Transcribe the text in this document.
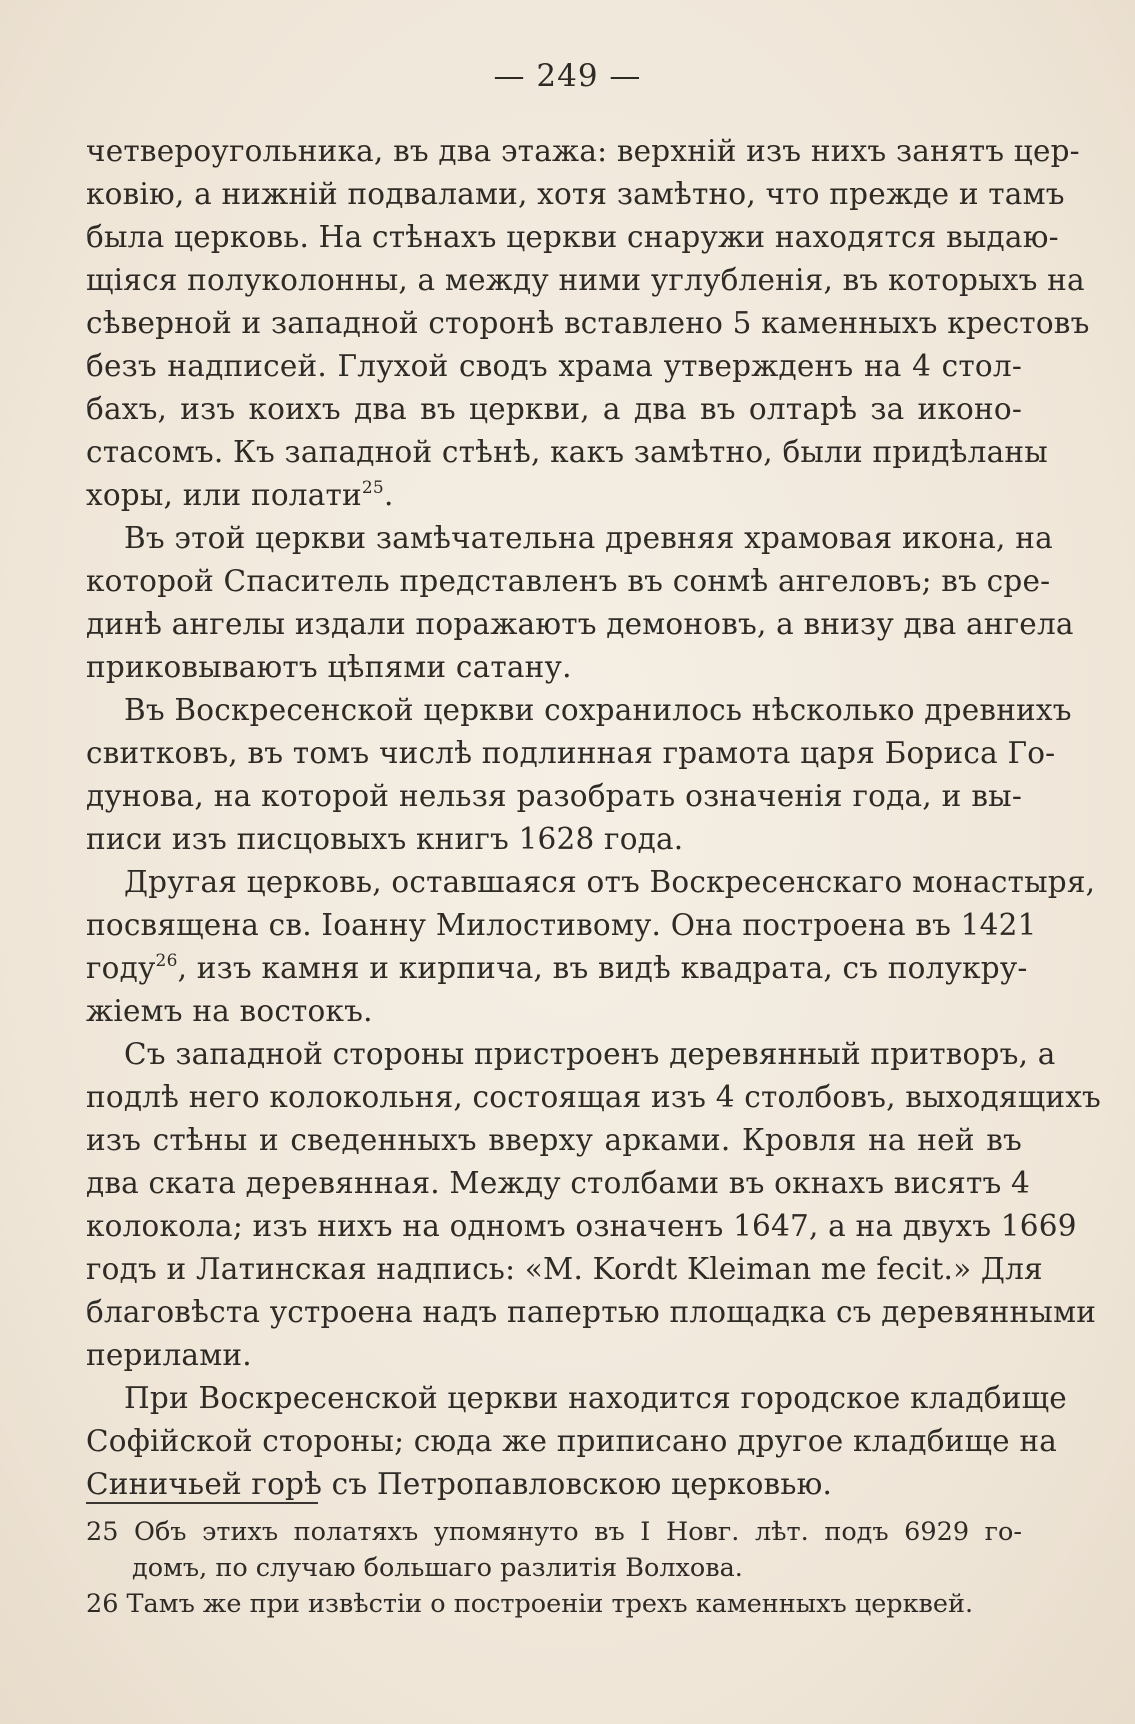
— 249 —
четвероугольника, въ два этажа: верхній изъ нихъ занятъ цер-
ковію, а нижній подвалами, хотя замѣтно, что прежде и тамъ
была церковь. На стѣнахъ церкви снаружи находятся выдаю-
щіяся полуколонны, а между ними углубленія, въ которыхъ на
сѣверной и западной сторонѣ вставлено 5 каменныхъ крестовъ
безъ надписей. Глухой сводъ храма утвержденъ на 4 стол-
бахъ, изъ коихъ два въ церкви, а два въ олтарѣ за иконо-
стасомъ. Къ западной стѣнѣ, какъ замѣтно, были придѣланы
хоры, или полати$^{25}$.
Въ этой церкви замѣчательна древняя храмовая икона, на
которой Спаситель представленъ въ сонмѣ ангеловъ; въ сре-
динѣ ангелы издали поражаютъ демоновъ, а внизу два ангела
приковываютъ цѣпями сатану.
Въ Воскресенской церкви сохранилось нѣсколько древнихъ
свитковъ, въ томъ числѣ подлинная грамота царя Бориса Го-
дунова, на которой нельзя разобрать означенія года, и вы-
писи изъ писцовыхъ книгъ 1628 года.
Другая церковь, оставшаяся отъ Воскресенскаго монастыря,
посвящена св. Іоанну Милостивому. Она построена въ 1421
году$^{26}$, изъ камня и кирпича, въ видѣ квадрата, съ полукру-
жіемъ на востокъ.
Съ западной стороны пристроенъ деревянный притворъ, а
подлѣ него колокольня, состоящая изъ 4 столбовъ, выходящихъ
изъ стѣны и сведенныхъ вверху арками. Кровля на ней въ
два ската деревянная. Между столбами въ окнахъ висятъ 4
колокола; изъ нихъ на одномъ означенъ 1647, а на двухъ 1669
годъ и Латинская надпись: «M. Kordt Kleiman me fecit.» Для
благовѣста устроена надъ папертью площадка съ деревянными
перилами.
При Воскресенской церкви находится городское кладбище
Софійской стороны; сюда же приписано другое кладбище на
Синичьей горѣ съ Петропавловскою церковью.
25 Объ этихъ полатяхъ упомянуто въ I Новг. лѣт. подъ 6929 го-
домъ, по случаю большаго разлитія Волхова.
26 Тамъ же при извѣстіи о построеніи трехъ каменныхъ церквей.
